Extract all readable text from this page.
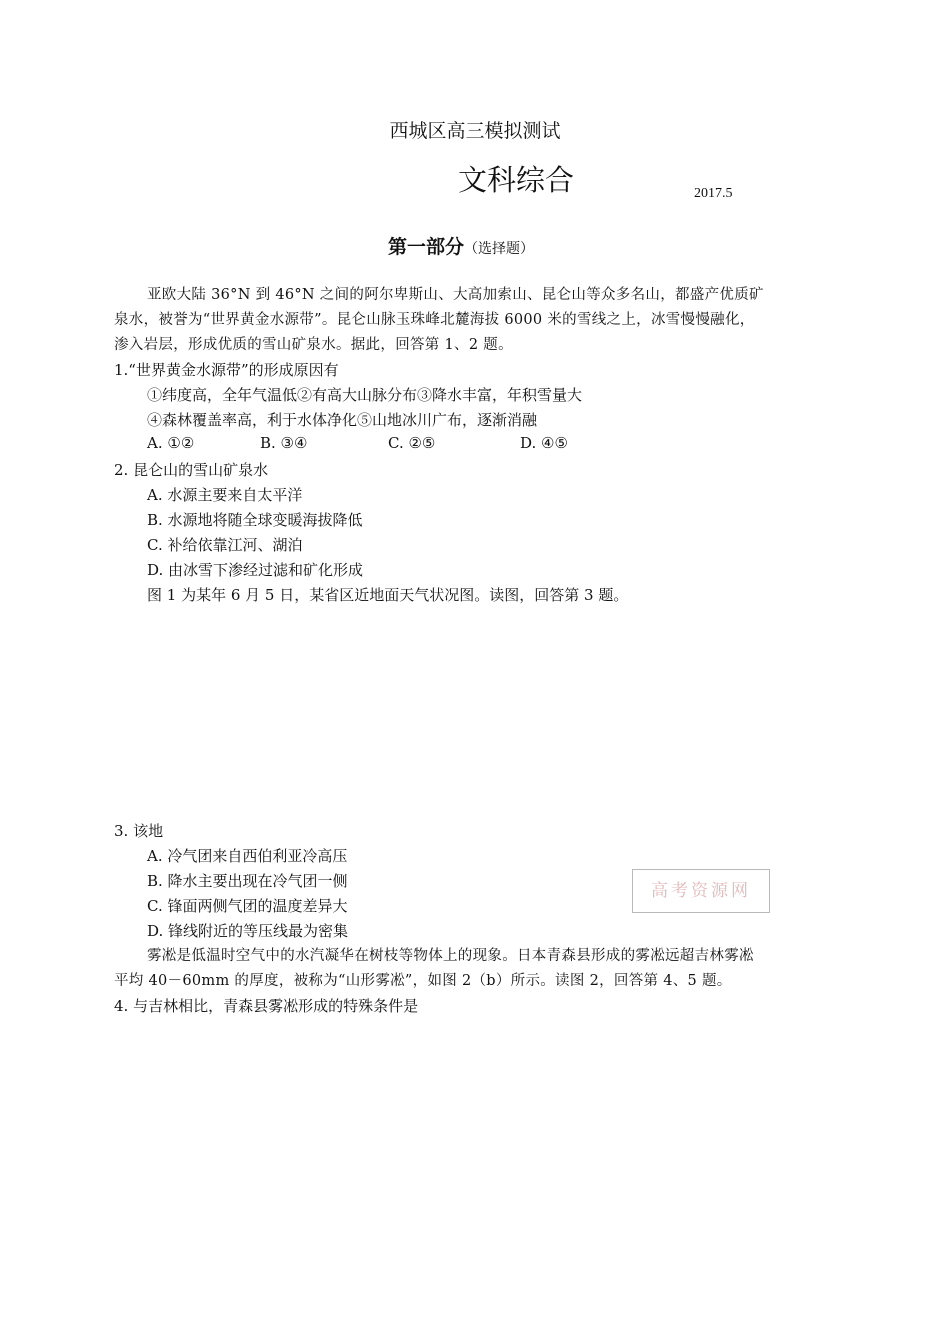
西城区高三模拟测试
文科综合	2017.5
第一部分（选择题）

亚欧大陆 36°N 到 46°N 之间的阿尔卑斯山、大高加索山、昆仑山等众多名山，都盛产优质矿

泉水，被誉为“世界黄金水源带”。昆仑山脉玉珠峰北麓海拔 6000 米的雪线之上，冰雪慢慢融化，

渗入岩层，形成优质的雪山矿泉水。据此，回答第 1、2 题。

1.“世界黄金水源带”的形成原因有
①纬度高，全年气温低②有高大山脉分布③降水丰富，年积雪量大
④森林覆盖率高，利于水体净化⑤山地冰川广布，逐渐消融
A. ①②	B. ③④	C. ②⑤	D. ④⑤
2. 昆仑山的雪山矿泉水
A. 水源主要来自太平洋
B. 水源地将随全球变暖海拔降低
C. 补给依靠江河、湖泊
D. 由冰雪下渗经过滤和矿化形成
图 1 为某年 6 月 5 日，某省区近地面天气状况图。读图，回答第 3 题。
3. 该地
A. 冷气团来自西伯利亚冷高压
B. 降水主要出现在冷气团一侧
C. 锋面两侧气团的温度差异大
D. 锋线附近的等压线最为密集
高考资源网

雾凇是低温时空气中的水汽凝华在树枝等物体上的现象。日本青森县形成的雾凇远超吉林雾凇

平均 40－60mm 的厚度，被称为“山形雾凇”，如图 2（b）所示。读图 2，回答第 4、5 题。

4. 与吉林相比，青森县雾凇形成的特殊条件是
